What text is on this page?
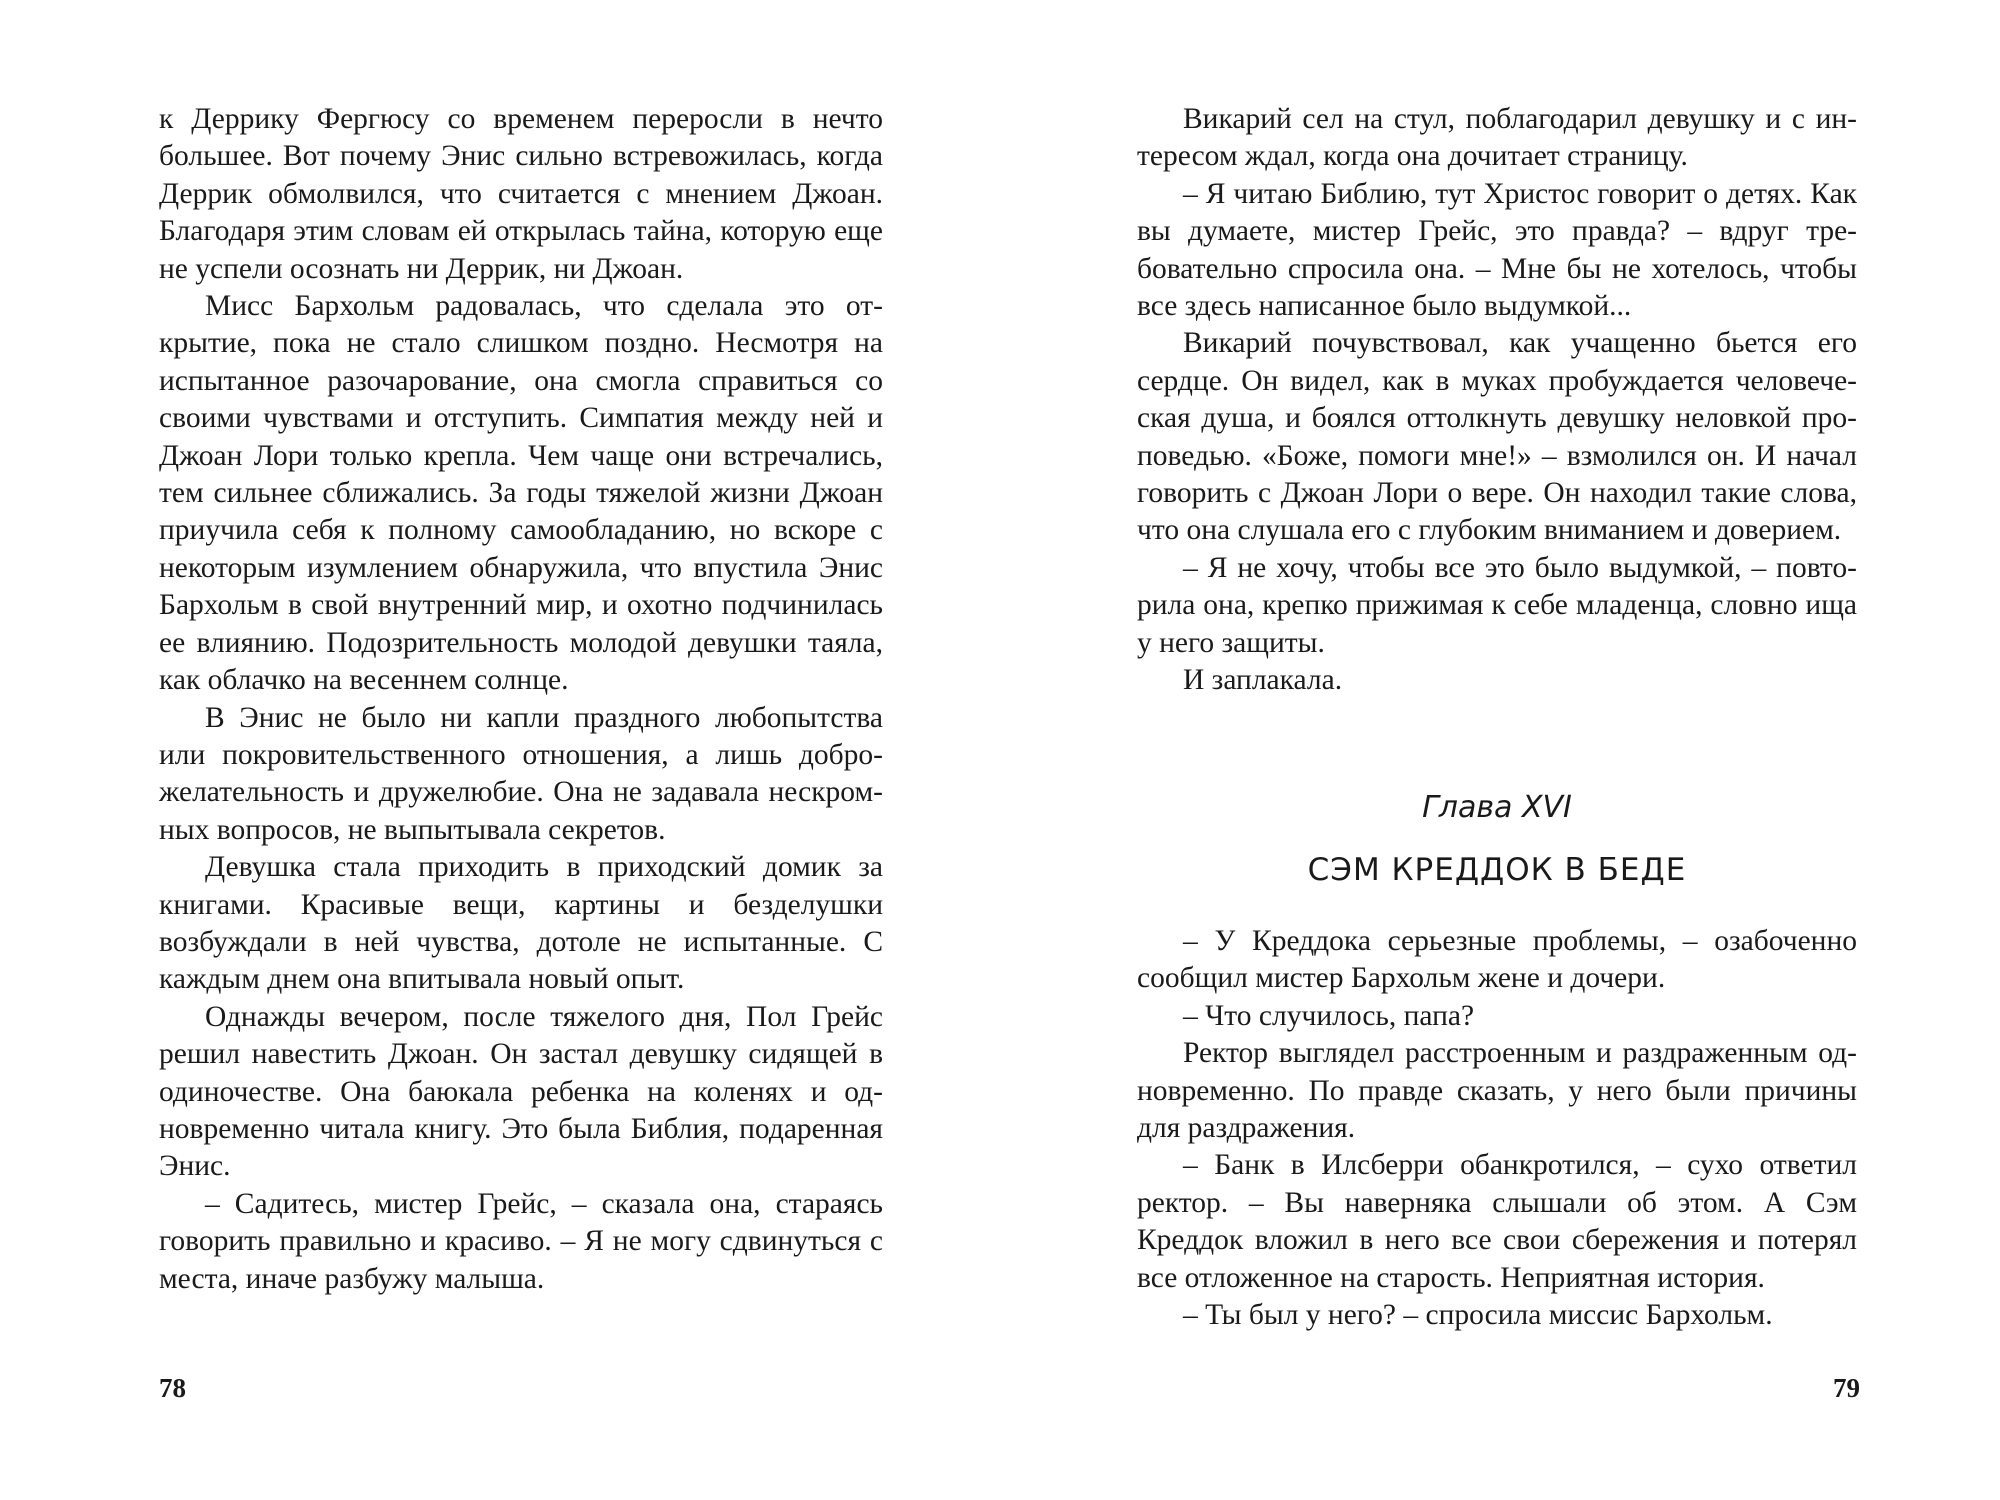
к Деррику Фергюсу со временем переросли в нечто большее. Вот почему Энис сильно встревожилась, когда Деррик обмолвился, что считается с мнением Джоан. Благодаря этим словам ей открылась тайна, которую еще не успели осознать ни Деррик, ни Джоан.

Мисс Бархольм радовалась, что сделала это открытие, пока не стало слишком поздно. Несмотря на испытанное разочарование, она смогла справиться со своими чувствами и отступить. Симпатия между ней и Джоан Лори только крепла. Чем чаще они встречались, тем сильнее сближались. За годы тяжелой жизни Джоан приучила себя к полному самообладанию, но вскоре с некоторым изумлением обнаружила, что впустила Энис Бархольм в свой внутренний мир, и охотно подчинилась ее влиянию. Подозрительность молодой девушки таяла, как облачко на весеннем солнце.

В Энис не было ни капли праздного любопытства или покровительственного отношения, а лишь доброжелательность и дружелюбие. Она не задавала нескромных вопросов, не выпытывала секретов.

Девушка стала приходить в приходский домик за книгами. Красивые вещи, картины и безделушки возбуждали в ней чувства, дотоле не испытанные. С каждым днем она впитывала новый опыт.

Однажды вечером, после тяжелого дня, Пол Грейс решил навестить Джоан. Он застал девушку сидящей в одиночестве. Она баюкала ребенка на коленях и одновременно читала книгу. Это была Библия, подаренная Энис.

– Садитесь, мистер Грейс, – сказала она, стараясь говорить правильно и красиво. – Я не могу сдвинуться с места, иначе разбужу малыша.

78

Викарий сел на стул, поблагодарил девушку и с интересом ждал, когда она дочитает страницу.

– Я читаю Библию, тут Христос говорит о детях. Как вы думаете, мистер Грейс, это правда? – вдруг требовательно спросила она. – Мне бы не хотелось, чтобы все здесь написанное было выдумкой...

Викарий почувствовал, как учащенно бьется его сердце. Он видел, как в муках пробуждается человеческая душа, и боялся оттолкнуть девушку неловкой проповедью. «Боже, помоги мне!» – взмолился он. И начал говорить с Джоан Лори о вере. Он находил такие слова, что она слушала его с глубоким вниманием и доверием.

– Я не хочу, чтобы все это было выдумкой, – повторила она, крепко прижимая к себе младенца, словно ища у него защиты.

И заплакала.

Глава XVI
СЭМ КРЕДДОК В БЕДЕ

– У Креддока серьезные проблемы, – озабоченно сообщил мистер Бархольм жене и дочери.

– Что случилось, папа?

Ректор выглядел расстроенным и раздраженным одновременно. По правде сказать, у него были причины для раздражения.

– Банк в Илсберри обанкротился, – сухо ответил ректор. – Вы наверняка слышали об этом. А Сэм Креддок вложил в него все свои сбережения и потерял все отложенное на старость. Неприятная история.

– Ты был у него? – спросила миссис Бархольм.

79
